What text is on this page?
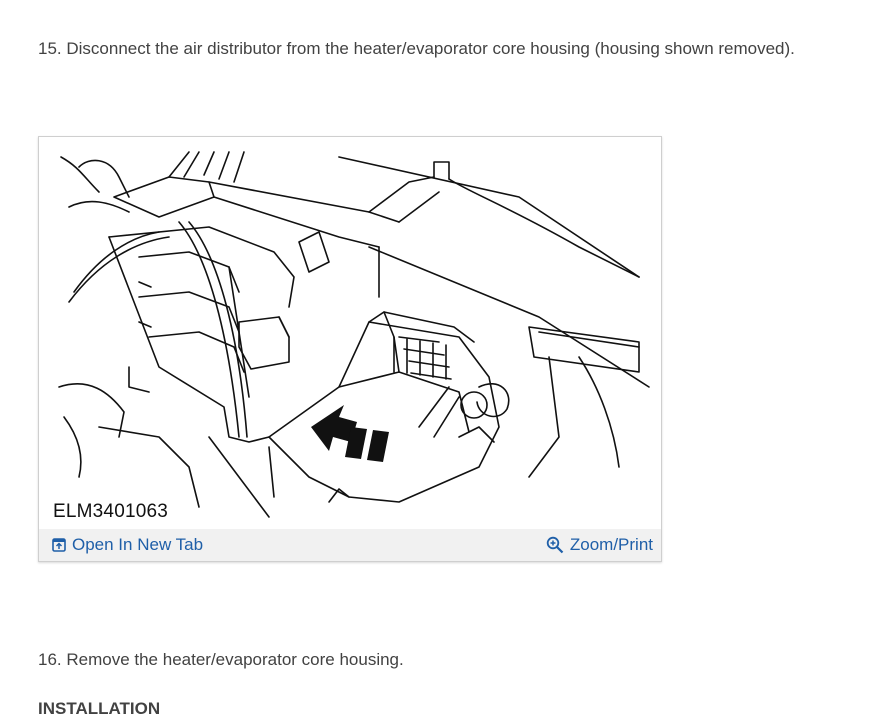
15. Disconnect the air distributor from the heater/evaporator core housing (housing shown removed).
ELM3401063
Open In New Tab	Zoom/Print
16. Remove the heater/evaporator core housing.
INSTALLATION
